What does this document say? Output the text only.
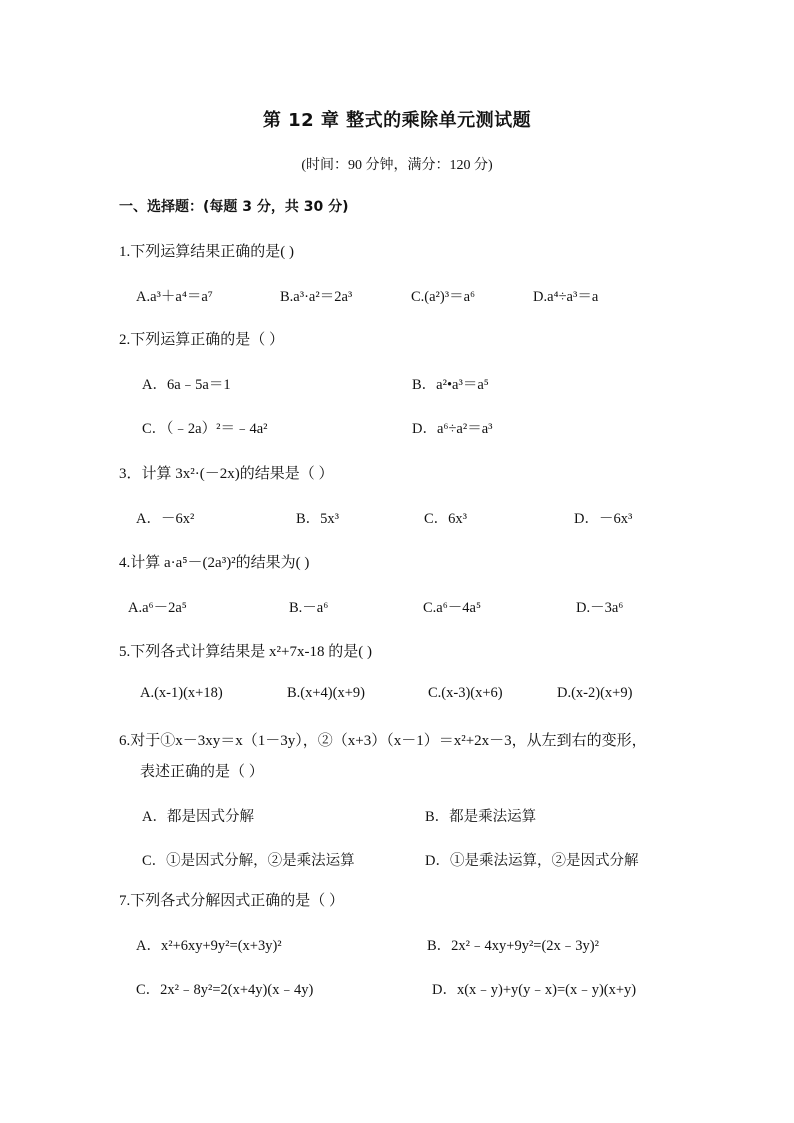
第 12 章 整式的乘除单元测试题
(时间：90 分钟，满分：120 分)
一、选择题：(每题 3 分，共 30 分)
1.下列运算结果正确的是( )
A.a³＋a⁴＝a⁷	B.a³·a²＝2a³	C.(a²)³＝a⁶	D.a⁴÷a³＝a
2.下列运算正确的是（ ）
A．6a﹣5a＝1	B．a²•a³＝a⁵
C．（﹣2a）²＝﹣4a²	D．a⁶÷a²＝a³
3．计算 3x²·(－2x)的结果是（ ）
A．－6x²	B．5x³	C．6x³	D．－6x³
4.计算 a·a⁵－(2a³)²的结果为( )
A.a⁶－2a⁵	B.－a⁶	C.a⁶－4a⁵	D.－3a⁶
5.下列各式计算结果是 x²+7x-18 的是( )
A.(x-1)(x+18)	B.(x+4)(x+9)	C.(x-3)(x+6)	D.(x-2)(x+9)
6.对于①x－3xy＝x（1－3y），②（x+3）（x－1）＝x²+2x－3，从左到右的变形，
表述正确的是（ ）
A．都是因式分解	B．都是乘法运算
C．①是因式分解，②是乘法运算	D．①是乘法运算，②是因式分解
7.下列各式分解因式正确的是（ ）
A．x²+6xy+9y²=(x+3y)²	B．2x²﹣4xy+9y²=(2x﹣3y)²
C．2x²﹣8y²=2(x+4y)(x﹣4y)	D．x(x﹣y)+y(y﹣x)=(x﹣y)(x+y)
